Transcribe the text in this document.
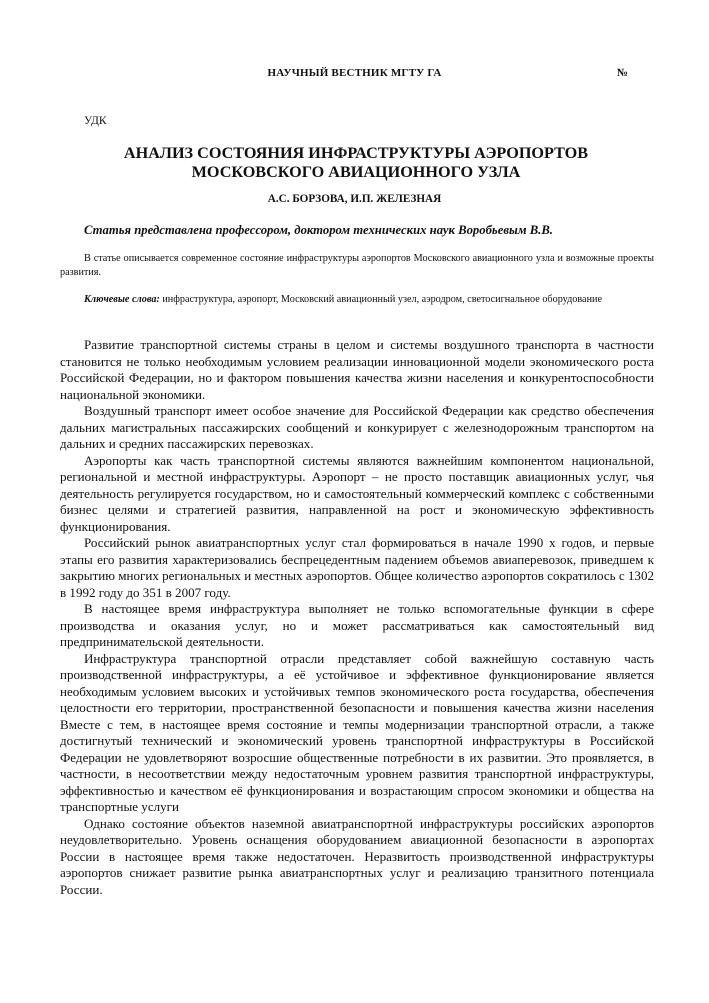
НАУЧНЫЙ ВЕСТНИК МГТУ ГА	№
УДК
АНАЛИЗ СОСТОЯНИЯ ИНФРАСТРУКТУРЫ АЭРОПОРТОВ
МОСКОВСКОГО АВИАЦИОННОГО УЗЛА
А.С. БОРЗОВА, И.П. ЖЕЛЕЗНАЯ
Статья представлена профессором, доктором технических наук Воробьевым В.В.
В статье описывается современное состояние инфраструктуры аэропортов Московского авиационного узла и возможные проекты развития.
Ключевые слова: инфраструктура, аэропорт, Московский авиационный узел, аэродром, светосигнальное оборудование

Развитие транспортной системы страны в целом и системы воздушного транспорта в частности становится не только необходимым условием реализации инновационной модели экономического роста Российской Федерации, но и фактором повышения качества жизни населения и конкурентоспособности национальной экономики.

Воздушный транспорт имеет особое значение для Российской Федерации как средство обеспечения дальних магистральных пассажирских сообщений и конкурирует с железнодорожным транспортом на дальних и средних пассажирских перевозках.

Аэропорты как часть транспортной системы являются важнейшим компонентом национальной, региональной и местной инфраструктуры. Аэропорт – не просто поставщик авиационных услуг, чья деятельность регулируется государством, но и самостоятельный коммерческий комплекс с собственными бизнес целями и стратегией развития, направленной на рост и экономическую эффективность функционирования.

Российский рынок авиатранспортных услуг стал формироваться в начале 1990 х годов, и первые этапы его развития характеризовались беспрецедентным падением объемов авиаперевозок, приведшем к закрытию многих региональных и местных аэропортов. Общее количество аэропортов сократилось с 1302 в 1992 году до 351 в 2007 году.

В настоящее время инфраструктура выполняет не только вспомогательные функции в сфере производства и оказания услуг, но и может рассматриваться как самостоятельный вид предпринимательской деятельности.

Инфраструктура транспортной отрасли представляет собой важнейшую составную часть производственной инфраструктуры, а её устойчивое и эффективное функционирование является необходимым условием высоких и устойчивых темпов экономического роста государства, обеспечения целостности его территории, пространственной безопасности и повышения качества жизни населения Вместе с тем, в настоящее время состояние и темпы модернизации транспортной отрасли, а также достигнутый технический и экономический уровень транспортной инфраструктуры в Российской Федерации не удовлетворяют возросшие общественные потребности в их развитии. Это проявляется, в частности, в несоответствии между недостаточным уровнем развития транспортной инфраструктуры, эффективностью и качеством её функционирования и возрастающим спросом экономики и общества на транспортные услуги

Однако состояние объектов наземной авиатранспортной инфраструктуры российских аэропортов неудовлетворительно. Уровень оснащения оборудованием авиационной безопасности в аэропортах России в настоящее время также недостаточен. Неразвитость производственной инфраструктуры аэропортов снижает развитие рынка авиатранспортных услуг и реализацию транзитного потенциала России.
